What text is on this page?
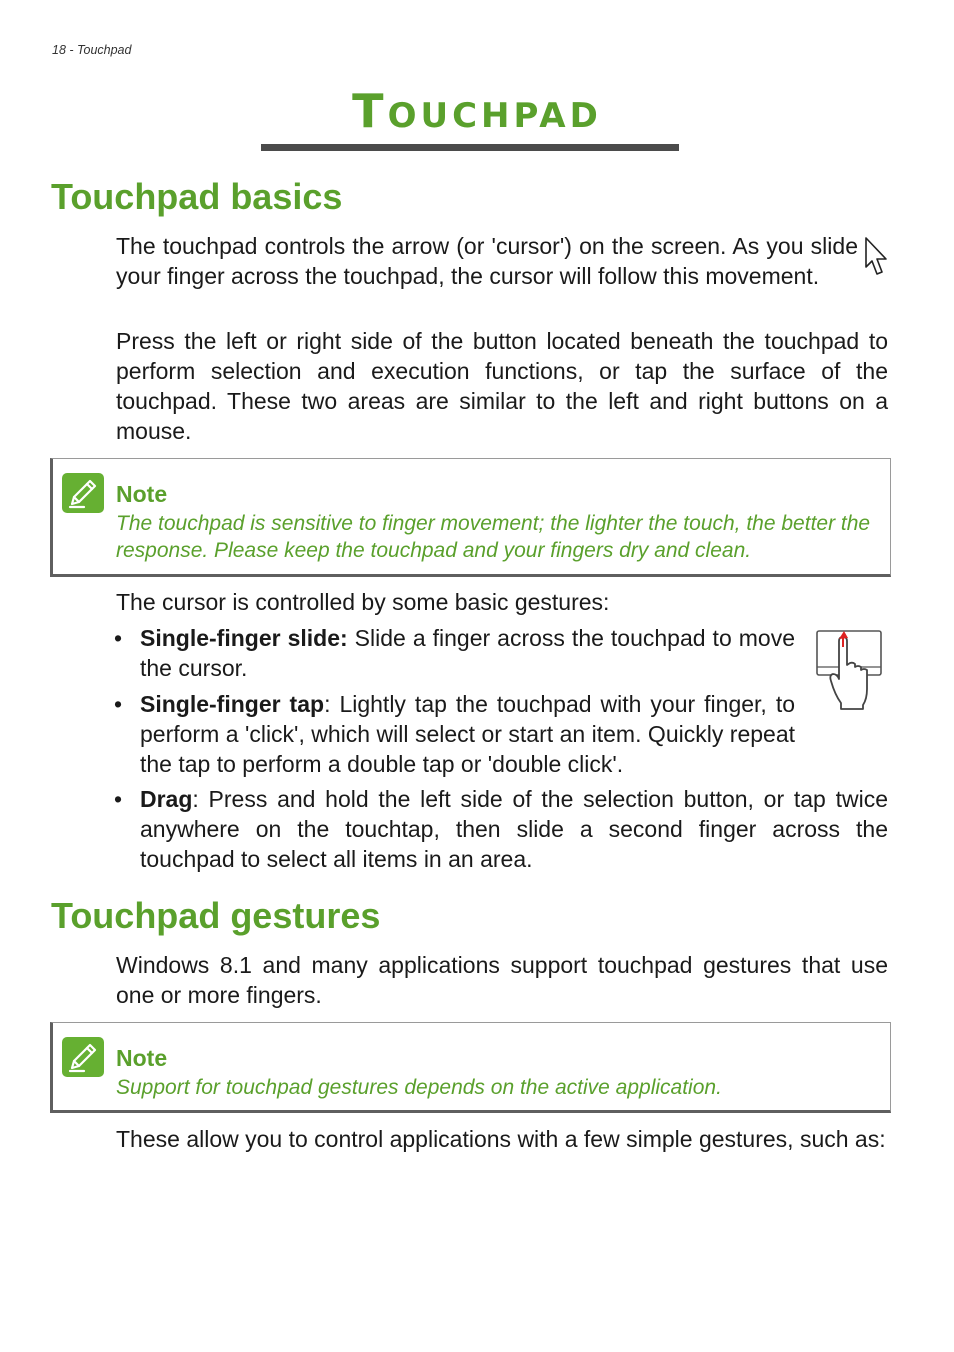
18 - Touchpad
TOUCHPAD
Touchpad basics

The touchpad controls the arrow (or 'cursor') on the screen. As you slide your finger across the touchpad, the cursor will follow this movement.

Press the left or right side of the button located beneath the touchpad to perform selection and execution functions, or tap the surface of the touchpad. These two areas are similar to the left and right buttons on a mouse.

Note
The touchpad is sensitive to finger movement; the lighter the touch, the better the response. Please keep the touchpad and your fingers dry and clean.

The cursor is controlled by some basic gestures:

• Single-finger slide: Slide a finger across the touchpad to move the cursor.
• Single-finger tap: Lightly tap the touchpad with your finger, to perform a 'click', which will select or start an item. Quickly repeat the tap to perform a double tap or 'double click'.
• Drag: Press and hold the left side of the selection button, or tap twice anywhere on the touchtap, then slide a second finger across the touchpad to select all items in an area.
Touchpad gestures

Windows 8.1 and many applications support touchpad gestures that use one or more fingers.

Note
Support for touchpad gestures depends on the active application.

These allow you to control applications with a few simple gestures, such as:
